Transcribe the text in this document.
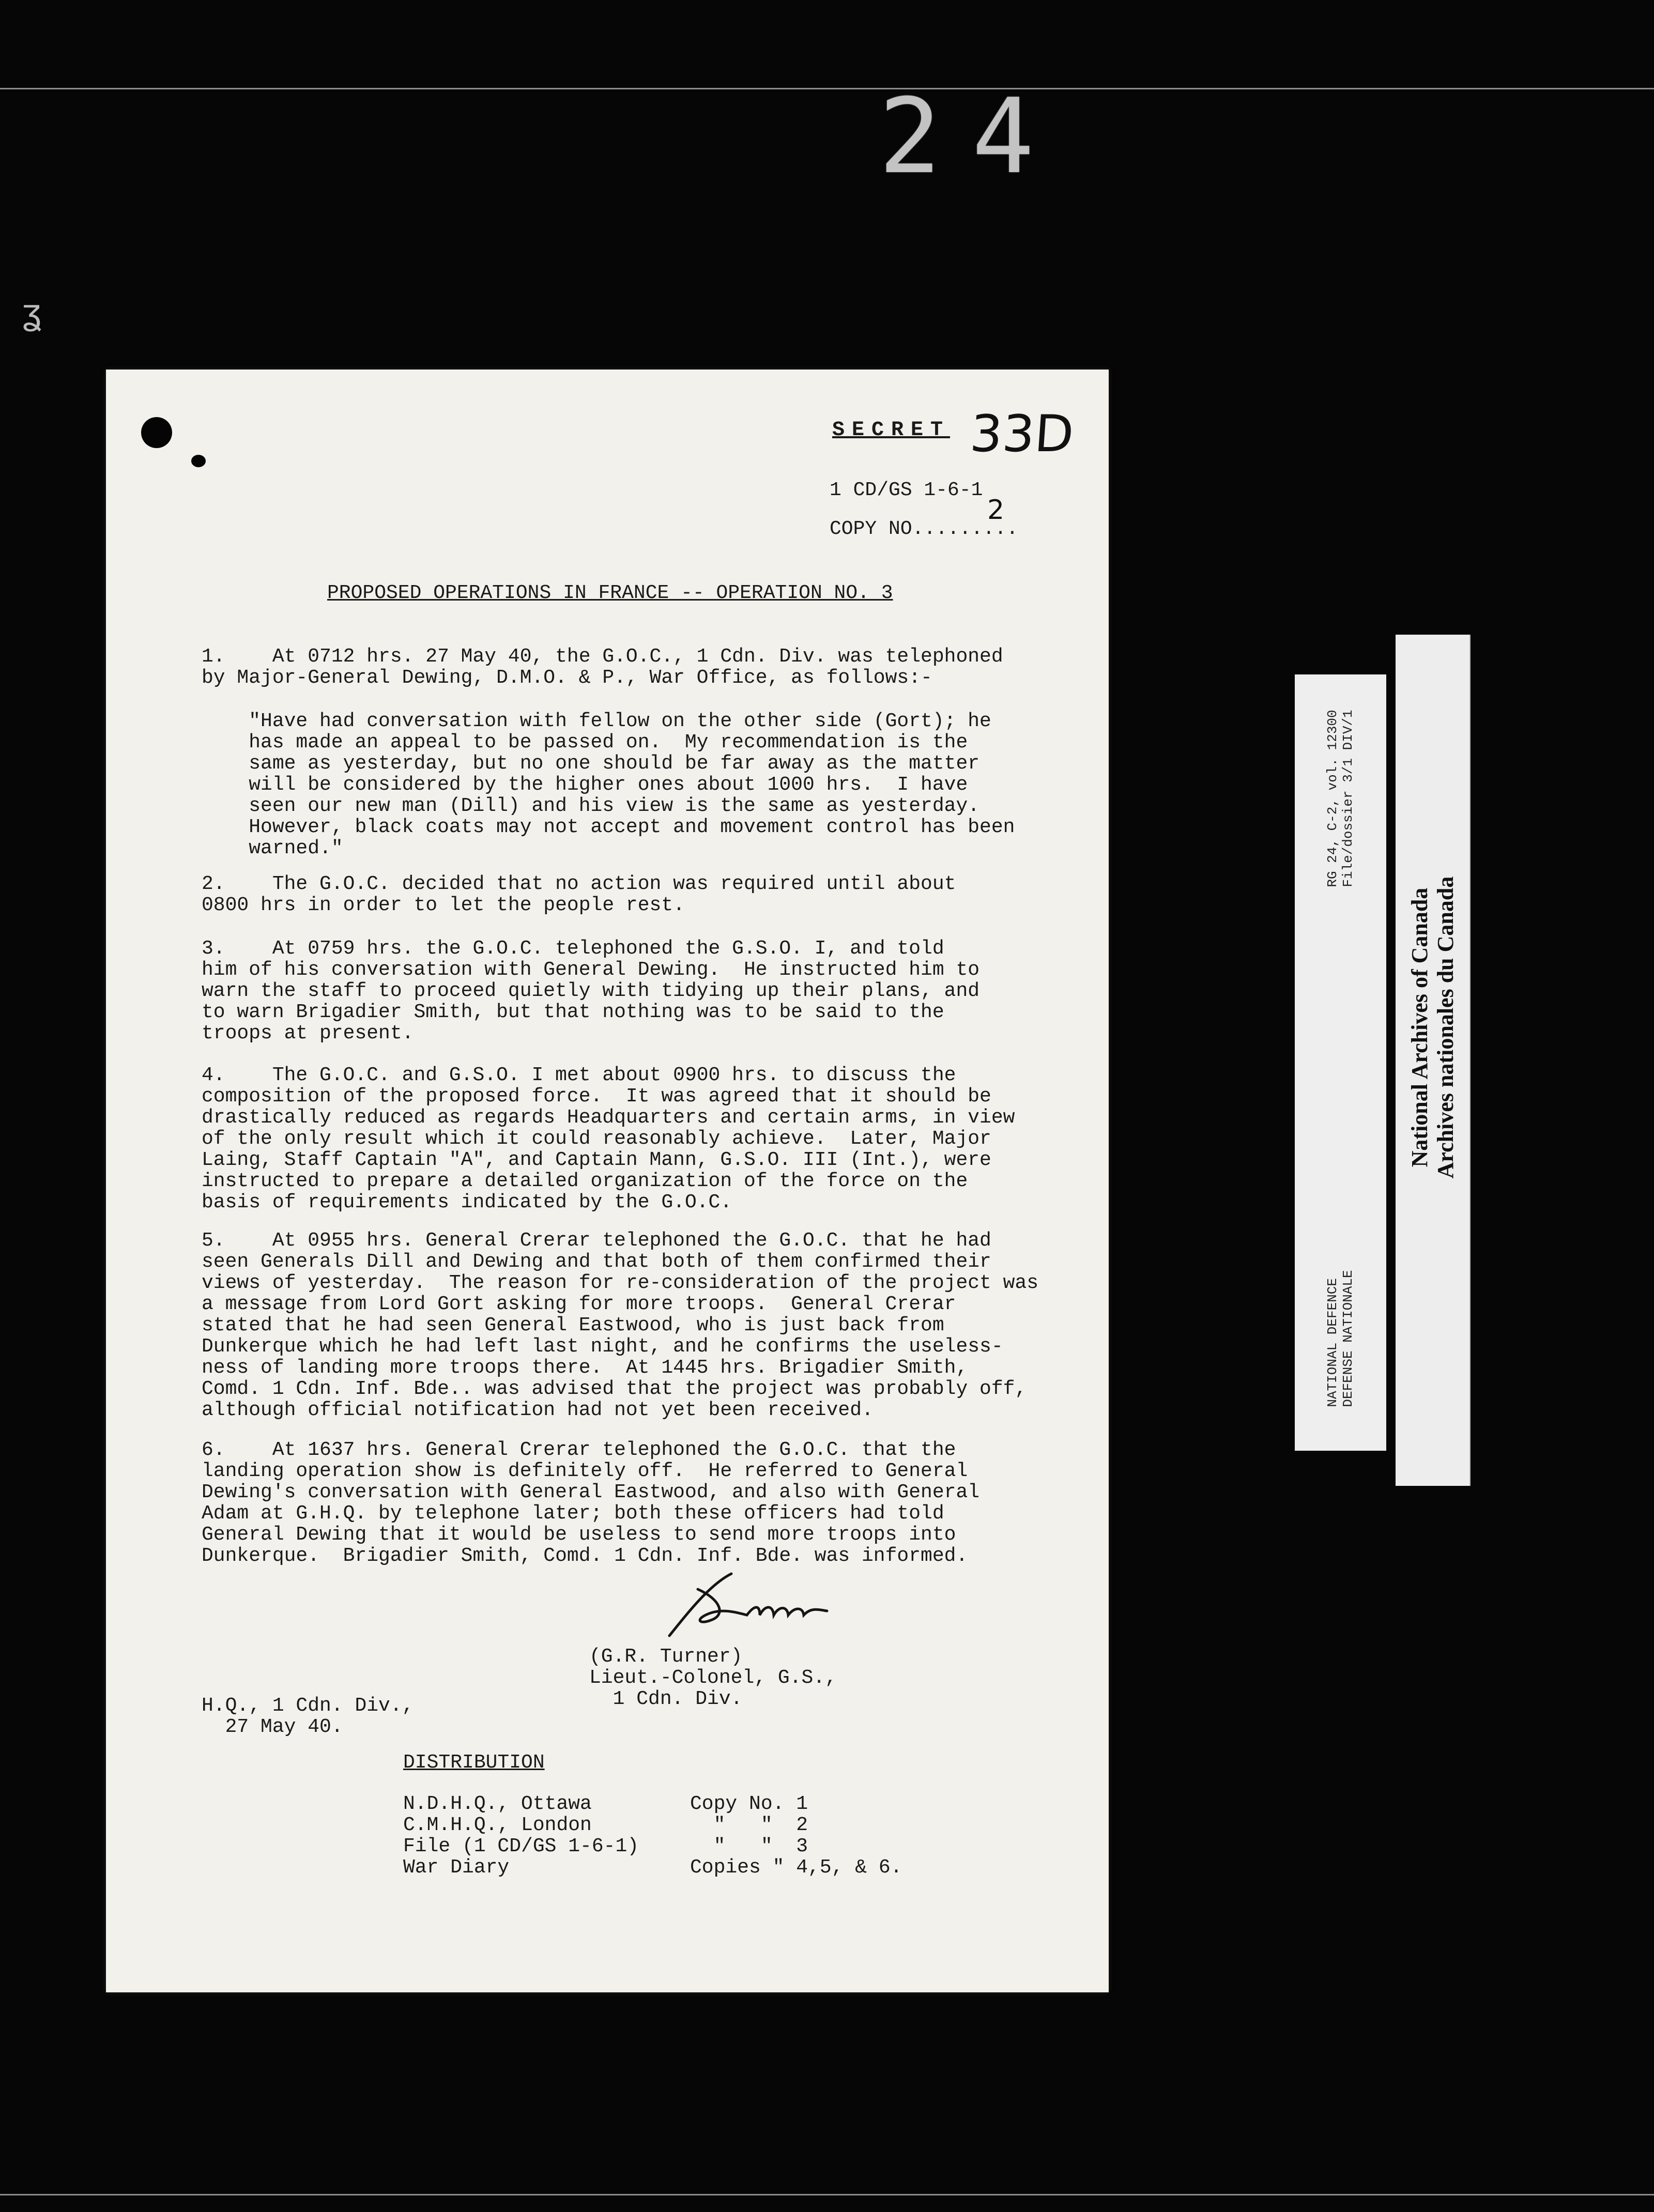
24
ʓ
SECRET 33D
1 CD/GS 1-6-1
2
COPY NO.........
PROPOSED OPERATIONS IN FRANCE -- OPERATION NO. 3
1.    At 0712 hrs. 27 May 40, the G.O.C., 1 Cdn. Div. was telephoned
by Major-General Dewing, D.M.O. & P., War Office, as follows:-
"Have had conversation with fellow on the other side (Gort); he
has made an appeal to be passed on.  My recommendation is the
same as yesterday, but no one should be far away as the matter
will be considered by the higher ones about 1000 hrs.  I have
seen our new man (Dill) and his view is the same as yesterday.
However, black coats may not accept and movement control has been
warned."
2.    The G.O.C. decided that no action was required until about
0800 hrs in order to let the people rest.
3.    At 0759 hrs. the G.O.C. telephoned the G.S.O. I, and told
him of his conversation with General Dewing.  He instructed him to
warn the staff to proceed quietly with tidying up their plans, and
to warn Brigadier Smith, but that nothing was to be said to the
troops at present.
4.    The G.O.C. and G.S.O. I met about 0900 hrs. to discuss the
composition of the proposed force.  It was agreed that it should be
drastically reduced as regards Headquarters and certain arms, in view
of the only result which it could reasonably achieve.  Later, Major
Laing, Staff Captain "A", and Captain Mann, G.S.O. III (Int.), were
instructed to prepare a detailed organization of the force on the
basis of requirements indicated by the G.O.C.
5.    At 0955 hrs. General Crerar telephoned the G.O.C. that he had
seen Generals Dill and Dewing and that both of them confirmed their
views of yesterday.  The reason for re-consideration of the project was
a message from Lord Gort asking for more troops.  General Crerar
stated that he had seen General Eastwood, who is just back from
Dunkerque which he had left last night, and he confirms the useless-
ness of landing more troops there.  At 1445 hrs. Brigadier Smith,
Comd. 1 Cdn. Inf. Bde.. was advised that the project was probably off,
although official notification had not yet been received.
6.    At 1637 hrs. General Crerar telephoned the G.O.C. that the
landing operation show is definitely off.  He referred to General
Dewing's conversation with General Eastwood, and also with General
Adam at G.H.Q. by telephone later; both these officers had told
General Dewing that it would be useless to send more troops into
Dunkerque.  Brigadier Smith, Comd. 1 Cdn. Inf. Bde. was informed.
(G.R. Turner)
Lieut.-Colonel, G.S.,
1 Cdn. Div.
H.Q., 1 Cdn. Div.,
27 May 40.
DISTRIBUTION
N.D.H.Q., Ottawa
C.M.H.Q., London
File (1 CD/GS 1-6-1)
War Diary
Copy No. 1
"   "  2
"   "  3
Copies " 4,5, & 6.
RG 24, C-2, vol. 12300
File/dossier 3/1 DIV/1
NATIONAL DEFENCE
DEFENSE NATIONALE
National Archives of Canada
Archives nationales du Canada
